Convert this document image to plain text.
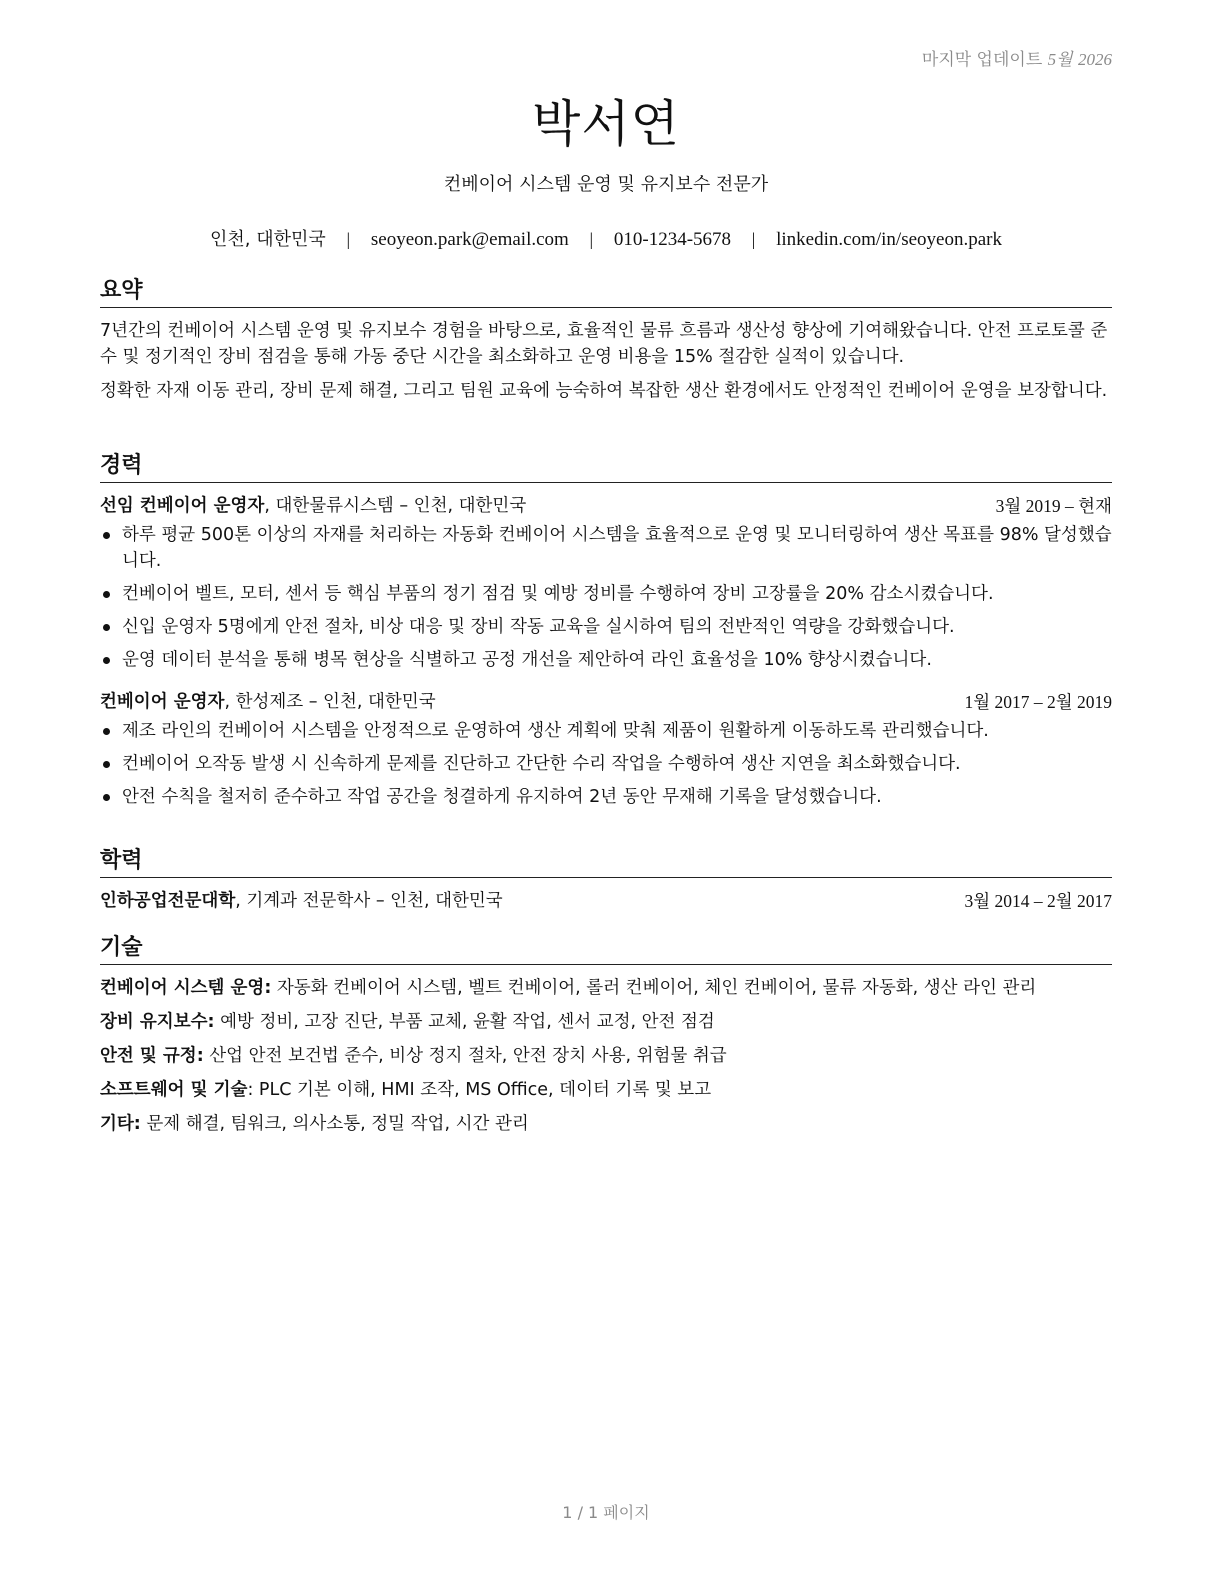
마지막 업데이트 5월 2026
박서연
컨베이어 시스템 운영 및 유지보수 전문가
인천, 대한민국 | seoyeon.park@email.com | 010-1234-5678 | linkedin.com/in/seoyeon.park
요약

7년간의 컨베이어 시스템 운영 및 유지보수 경험을 바탕으로, 효율적인 물류 흐름과 생산성 향상에 기여해왔습니다. 안전 프로토콜 준수 및 정기적인 장비 점검을 통해 가동 중단 시간을 최소화하고 운영 비용을 15% 절감한 실적이 있습니다.

정확한 자재 이동 관리, 장비 문제 해결, 그리고 팀원 교육에 능숙하여 복잡한 생산 환경에서도 안정적인 컨베이어 운영을 보장합니다.

경력
선임 컨베이어 운영자, 대한물류시스템 – 인천, 대한민국	3월 2019 – 현재
하루 평균 500톤 이상의 자재를 처리하는 자동화 컨베이어 시스템을 효율적으로 운영 및 모니터링하여 생산 목표를 98% 달성했습니다.
컨베이어 벨트, 모터, 센서 등 핵심 부품의 정기 점검 및 예방 정비를 수행하여 장비 고장률을 20% 감소시켰습니다.
신입 운영자 5명에게 안전 절차, 비상 대응 및 장비 작동 교육을 실시하여 팀의 전반적인 역량을 강화했습니다.
운영 데이터 분석을 통해 병목 현상을 식별하고 공정 개선을 제안하여 라인 효율성을 10% 향상시켰습니다.
컨베이어 운영자, 한성제조 – 인천, 대한민국	1월 2017 – 2월 2019
제조 라인의 컨베이어 시스템을 안정적으로 운영하여 생산 계획에 맞춰 제품이 원활하게 이동하도록 관리했습니다.
컨베이어 오작동 발생 시 신속하게 문제를 진단하고 간단한 수리 작업을 수행하여 생산 지연을 최소화했습니다.
안전 수칙을 철저히 준수하고 작업 공간을 청결하게 유지하여 2년 동안 무재해 기록을 달성했습니다.
학력
인하공업전문대학, 기계과 전문학사 – 인천, 대한민국	3월 2014 – 2월 2017
기술
컨베이어 시스템 운영: 자동화 컨베이어 시스템, 벨트 컨베이어, 롤러 컨베이어, 체인 컨베이어, 물류 자동화, 생산 라인 관리
장비 유지보수: 예방 정비, 고장 진단, 부품 교체, 윤활 작업, 센서 교정, 안전 점검
안전 및 규정: 산업 안전 보건법 준수, 비상 정지 절차, 안전 장치 사용, 위험물 취급
소프트웨어 및 기술: PLC 기본 이해, HMI 조작, MS Office, 데이터 기록 및 보고
기타: 문제 해결, 팀워크, 의사소통, 정밀 작업, 시간 관리
1 / 1 페이지
